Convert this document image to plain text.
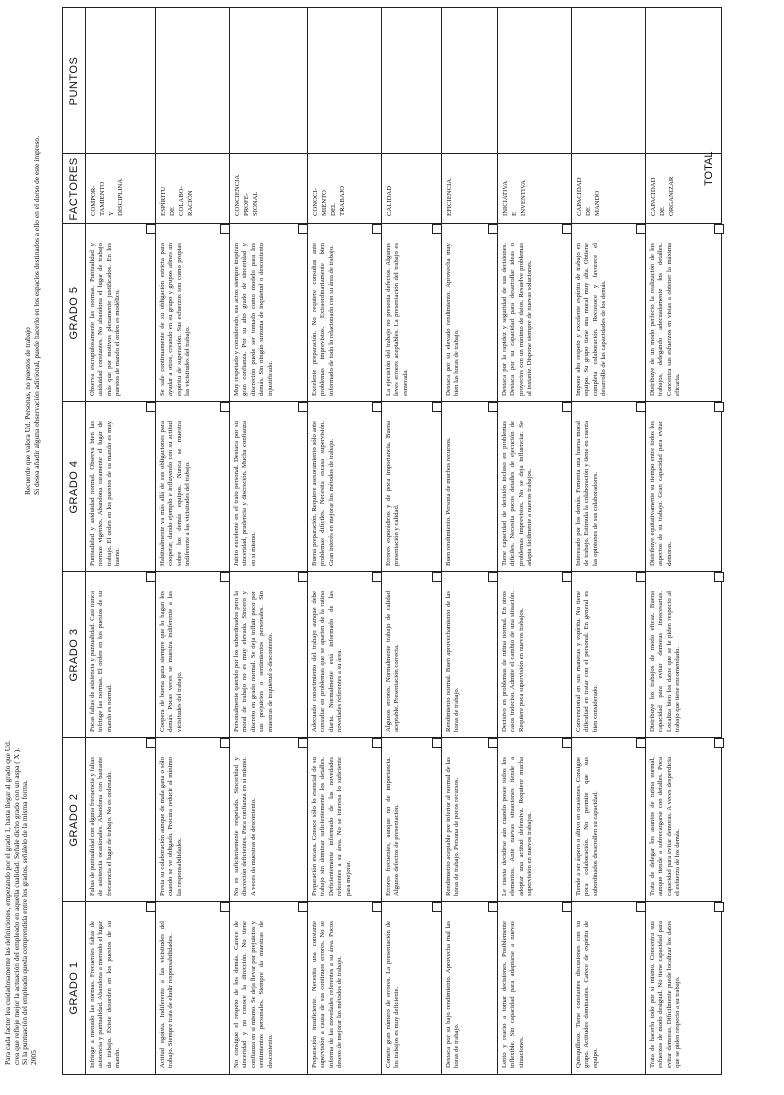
Para cada factor lea cuidadosamente las definiciones, empezando por el grado 1, hasta llegar al grado que Ud. crea que refleje mejor la actuación del empleado en aquella cualidad. Señale dicho grado con un aspa ( X ). Si la puntuación del empleado queda comprendida entre los grados, señálelo de la misma forma. 2005
Recuerde que valora Ud. Personas, no puestos de trabajo Si desea añadir alguna observación adicional, puede hacerlo en los espacios destinados a ello en el dorso de este impreso.
GRADO 1
GRADO 2
GRADO 3
GRADO 4
GRADO 5
FACTORES
PUNTOS
Infringe a menudo las normas. Frecuentes faltas de asistencia y puntualidad. Abandona a menudo el lugar de trabajo. Existe desorden en los puestos de su mando.
Faltas de puntualidad con alguna frecuencia y faltas de asistencia ocasionales. Abandona con bastante frecuencia el lugar de trabajo. No es ordenado.
Pocas faltas de asistencia y puntualidad. Casi nunca infringe las normas. El orden en los puestos de su mando es normal.
Puntualidad y asiduidad normal. Observa bien las normas vigentes. Abandona raramente el lugar de trabajo. El orden en los puestos de su mando es muy bueno.
Observa escrupulosamente las normas. Puntualidad y asiduidad constantes. No abandona el lugar de trabajo más que por motivos plenamente justificados. En los puestos de mando el orden es modélico.
COMPOR- TAMIENTO Y DISCIPLINA
Actitud egoísta. Indiferente a las vicisitudes del trabajo. Siempre trata de eludir responsabilidades.
Presta su colaboración aunque de mala gana o sólo cuando se ve obligado. Procura reducir al mínimo las responsabilidades.
Coopera de buena gana siempre que lo hagan los demás. Pocas veces se muestra indiferente a las vicisitudes del trabajo.
Habitualmente va más allá de sus obligaciones para cooperar, dando ejemplo e influyendo con su actitud sobre los demás equipos. Nunca se muestra indiferente a las vicisitudes del trabajo.
Se sale continuamente de su obligación estricta para ayudar a otros, creando en su grupo y grupos afines un espíritu de superación. Sus esfuerzos son como propias las vicisitudes del trabajo.
ESPÍRITU DE COLABO- RACIÓN
No consigue el respeto de los demás. Carece de sinceridad y no conoce la dirección. No tiene confianza en sí mismo. Se deja llevar por prejuicios y sentimientos personales. Siempre da muestras de descontento.
No es suficientemente respetado. Sinceridad y discreción deficientes. Poca confianza en sí mismo. A veces da muestras de descontento.
Personalmente querido por los subordinados pero la moral de trabajo no es muy elevada. Sincero y discreto en grado normal. Se deja influir poco por sus prejuicios o sentimientos personales. Sin muestras de inquietud o descontento.
Juicio excelente en el trato personal. Destaca por su sinceridad, prudencia y discreción. Mucha confianza en sí mismo.
Muy respetado y considerado, sus actos siempre inspiran gran confianza. Por su alto grado de sinceridad y discreción puede ser tomado como modelo para los demás. Sin ningún síntoma de inquietud o descontento injustificado.
CONCIENCIA PROFE- SIONAL
Preparación insuficiente. Necesita una constante supervisión a causa de sus continuos errores. No se informa de las novedades referentes a su área. Pocos deseos de mejorar los métodos de trabajo.
Preparación escasa. Conoce sólo lo esencial de su trabajo sin dominar suficientemente los detalles. Deficientemente informado de las novedades referentes a su área. No se interesa lo suficiente para mejorar.
Adecuado conocimiento del trabajo aunque debe consultar en problemas que se aparten de la rutina diaria. Normalmente está informado de las novedades referentes a su área.
Buena preparación. Requiere asesoramiento sólo ante problemas difíciles. Necesita escasa supervisión. Gran interés en mejorar los métodos de trabajo.
Excelente preparación. No requiere consultas ante problemas imprevistos. Extraordinariamente bien informado de todo lo relacionado con su área de trabajo.
CONOCI- MIENTO DEL TRABAJO
Comete gran número de errores. La presentación de los trabajos es muy deficiente.
Errores frecuentes, aunque no de importancia. Algunos defectos de presentación.
Algunos errores. Normalmente trabajo de calidad aceptable. Presentación correcta.
Errores esporádicos y de poca importancia. Buena presentación y calidad.
La ejecución del trabajo no presenta defectos. Algunos leves errores aceptables. La presentación del trabajo es esmerada.
CALIDAD
Destaca por su bajo rendimiento. Aprovecha mal las horas de trabajo.
Rendimiento aceptable por inferior al normal de las horas de trabajo. Persona de pocos recursos.
Rendimiento normal. Buen aprovechamiento de las horas de trabajo.
Buen rendimiento. Persona de muchos recursos.
Destaca por su elevado rendimiento. Aprovecha muy bien las horas de trabajo.
EFICIENCIA
Lento y reacio a tomar decisiones. Posiblemente inflexible. Sin capacidad para adaptarse a nuevas situaciones.
Le cuesta decidirse aún cuando posee todos los elementos. Ante nuevas situaciones tiende a adoptar una actitud defensiva. Requiere mucha supervisión en nuevos trabajos.
Decisivo en problemas de rutina normal. En otros casos indeciso. Admite el cambio de una situación. Requiere poca supervisión en nuevos trabajos.
Tiene capacidad de decisión incluso en problemas difíciles. Necesita pocos detalles de ejecución de problemas imprevistos. No se deja influenciar. Se adapta fácilmente a nuevos trabajos.
Destaca por la rapidez y seguridad de sus decisiones. Destaca por su capacidad para desarrollar ideas o proyectos con un mínimo de datos. Resuelve problemas al instante. Dispone siempre de nuevas soluciones.
INICIATIVA E INVENTIVA
Quisquilloso. Tiene constantes discusiones con su grupo. Actitudes dominantes. Carece de espíritu de equipo.
Tiende a ser áspero o altivo en ocasiones. Consigue poca colaboración. No permite que sus subordinados desarrollen su capacidad.
Convencional en sus maneras y espíritu. No tiene dificultad en tratar con el personal. En general es bien considerado.
Interesado por los demás. Fomenta una buena moral de trabajo. Estimula la colaboración y tiene en cuenta las opiniones de sus colaboradores.
Impone alto respeto y excelente espíritu de trabajo en equipo. Su grupo tiene una moral muy alta. Obtiene completa colaboración. Reconoce y favorece el desarrollo de las capacidades de los demás.
CAPACIDAD DE MANDO
Trata de hacerlo todo por sí mismo. Concentra sus esfuerzos de modo desigual. No tiene capacidad para evitar demoras. Difícilmente puede localizar los datos que se piden respecto a su trabajo.
Trata de delegar los asuntos de rutina normal, aunque tiende a sobrecargarse con detalles. Poca capacidad para evitar demoras. A veces desperdicia el esfuerzo de los demás.
Distribuye los trabajos de modo eficaz. Buena capacidad para evitar demoras innecesarias. Localiza bien los datos que se le piden respecto al trabajo que tiene encomendado.
Distribuye equitativamente su tiempo entre todos los aspectos de su trabajo. Gran capacidad para evitar demoras.
Distribuye de un modo perfecto la realización de los trabajos, delegando adecuadamente los detalles. Concentra sus esfuerzos en vistas a obtener la máxima eficacia.
CAPACIDAD DE ORGANIZAR
TOTAL
